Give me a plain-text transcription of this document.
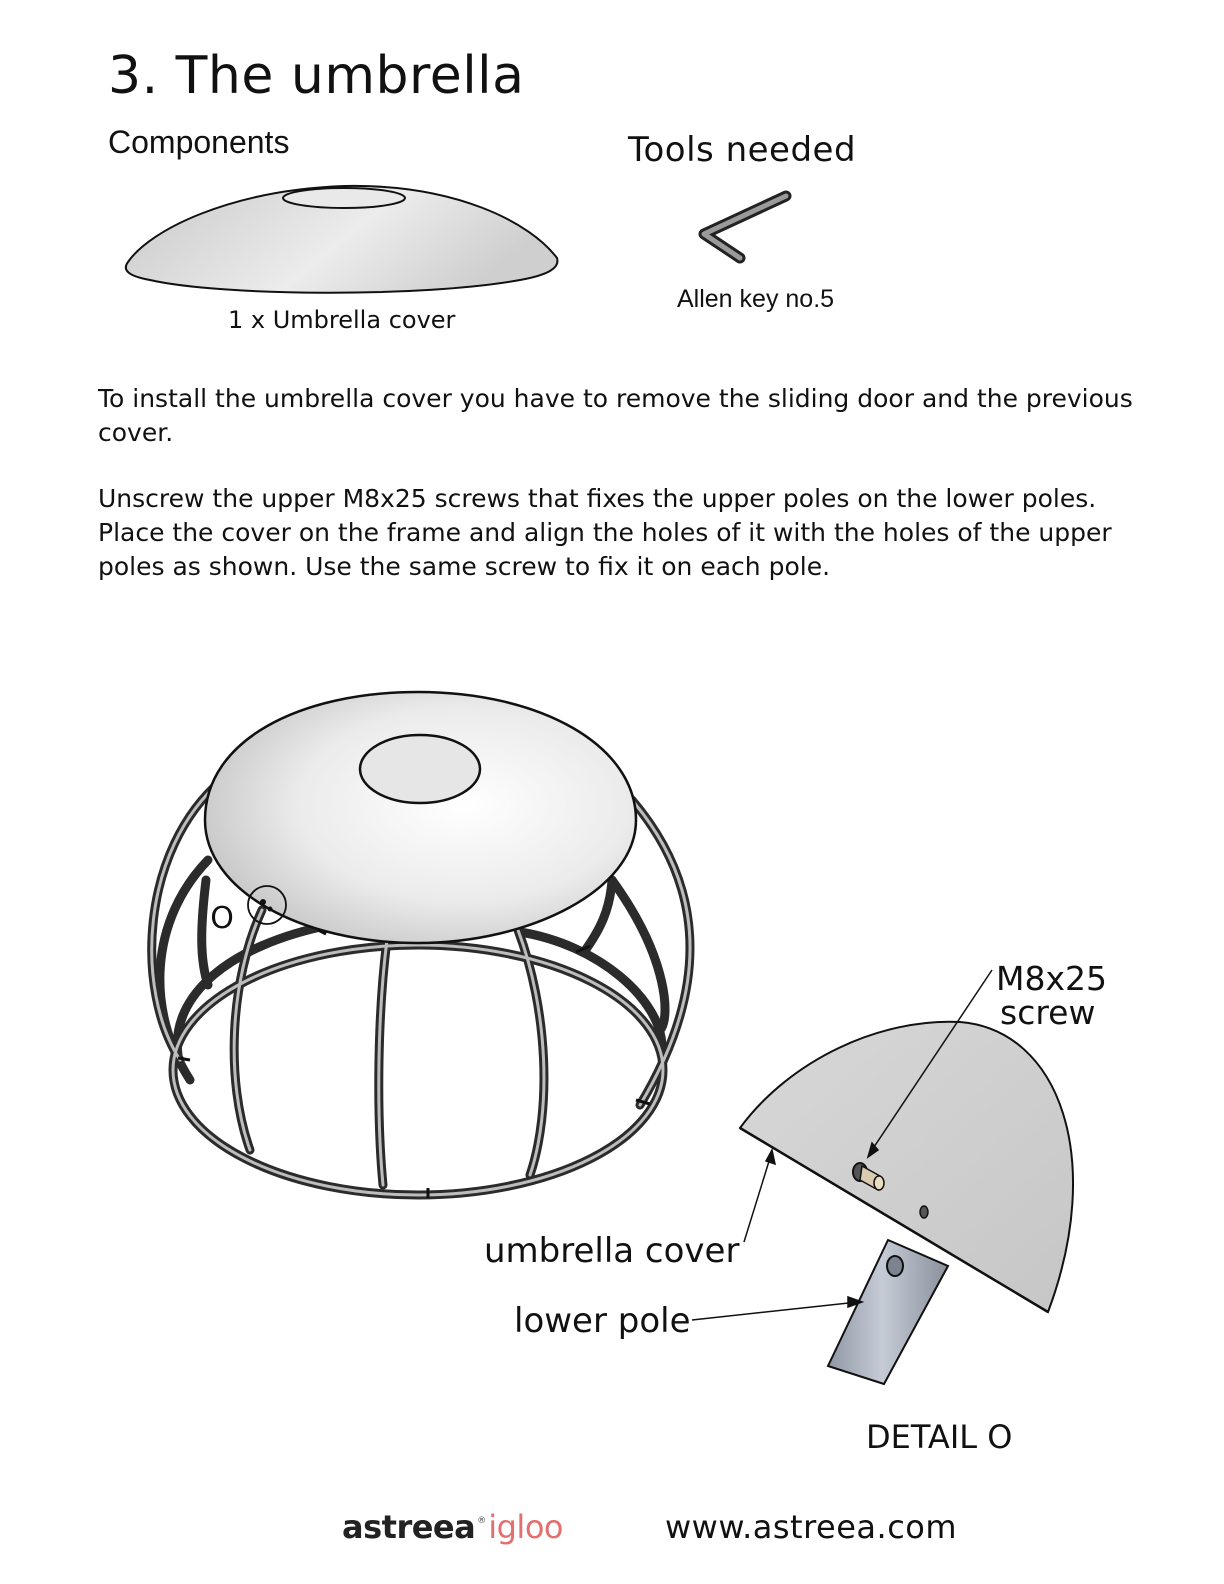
3. The umbrella
Components	Tools needed
1 x Umbrella cover
Allen key no.5
To install the umbrella cover you have to remove the sliding door and the previous cover.
Unscrew the upper M8x25 screws that fixes the upper poles on the lower poles. Place the cover on the frame and align the holes of it with the holes of the upper poles as shown. Use the same screw to fix it on each pole.
O
M8x25
screw
umbrella cover
lower pole
DETAIL O
astreea ® igloo	www.astreea.com
